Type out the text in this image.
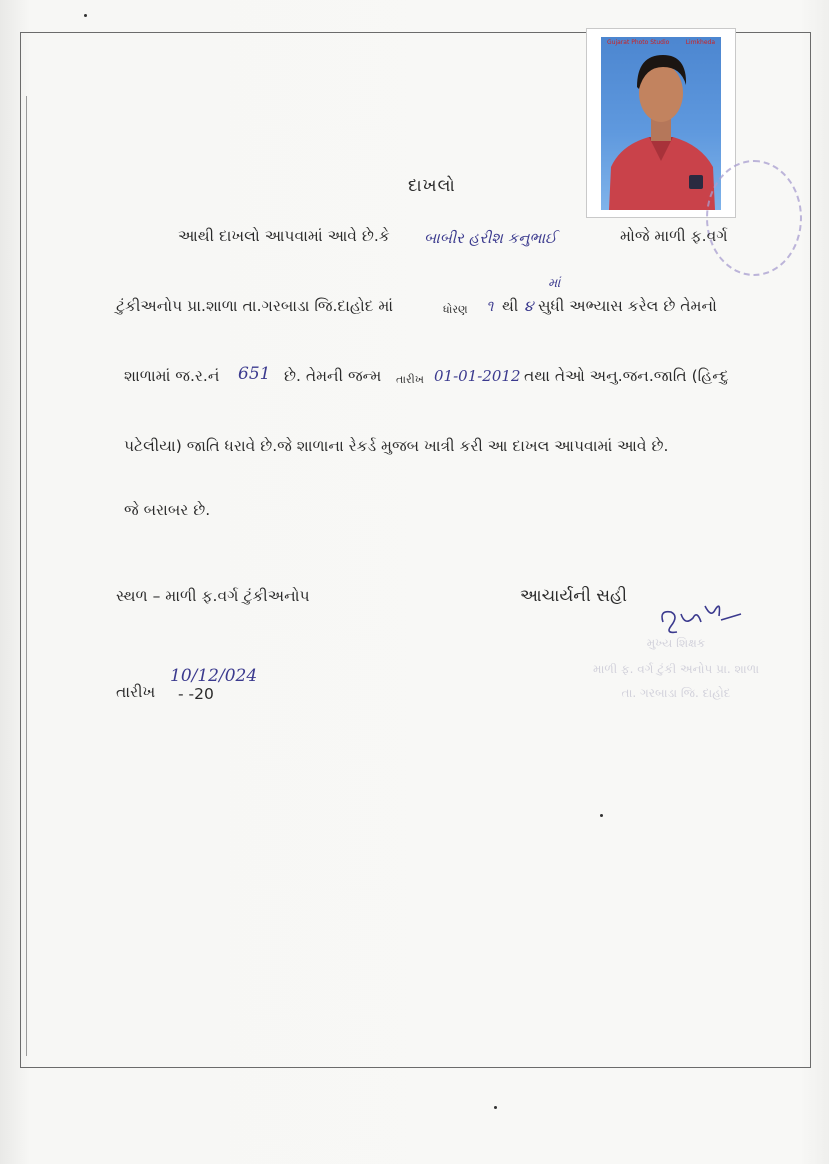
Gujarat Photo Studio	Limkheda
દાખલો
આથી દાખલો આપવામાં આવે છે.કે બાબીર હરીશ કનુભાઈ	મોજે માળી ફ.વર્ગ
ટુંકીઅનોપ પ્રા.શાળા તા.ગરબાડા જિ.દાહોદ માં	ધોરણ ૧ થી ૪
માં
સુધી અભ્યાસ કરેલ છે તેમનો
શાળામાં જ.ર.નં 651 છે. તેમની જન્મ તારીખ 01-01-2012 તથા તેઓ અનુ.જન.જાતિ (હિન્દુ
પટેલીયા) જાતિ ધરાવે છે.જે શાળાના રેકર્ડ મુજબ ખાત્રી કરી આ દાખલ આપવામાં આવે છે.
જે બરાબર છે.
સ્થળ – માળી ફ.વર્ગ ટુંકીઅનોપ	આચાર્યની સહી
મુખ્ય શિક્ષક
માળી ફ. વર્ગ ટુંકી અનોપ પ્રા. શાળા
તા. ગરબાડા જિ. દાહોદ
તારીખ
10/12/024
- -20
